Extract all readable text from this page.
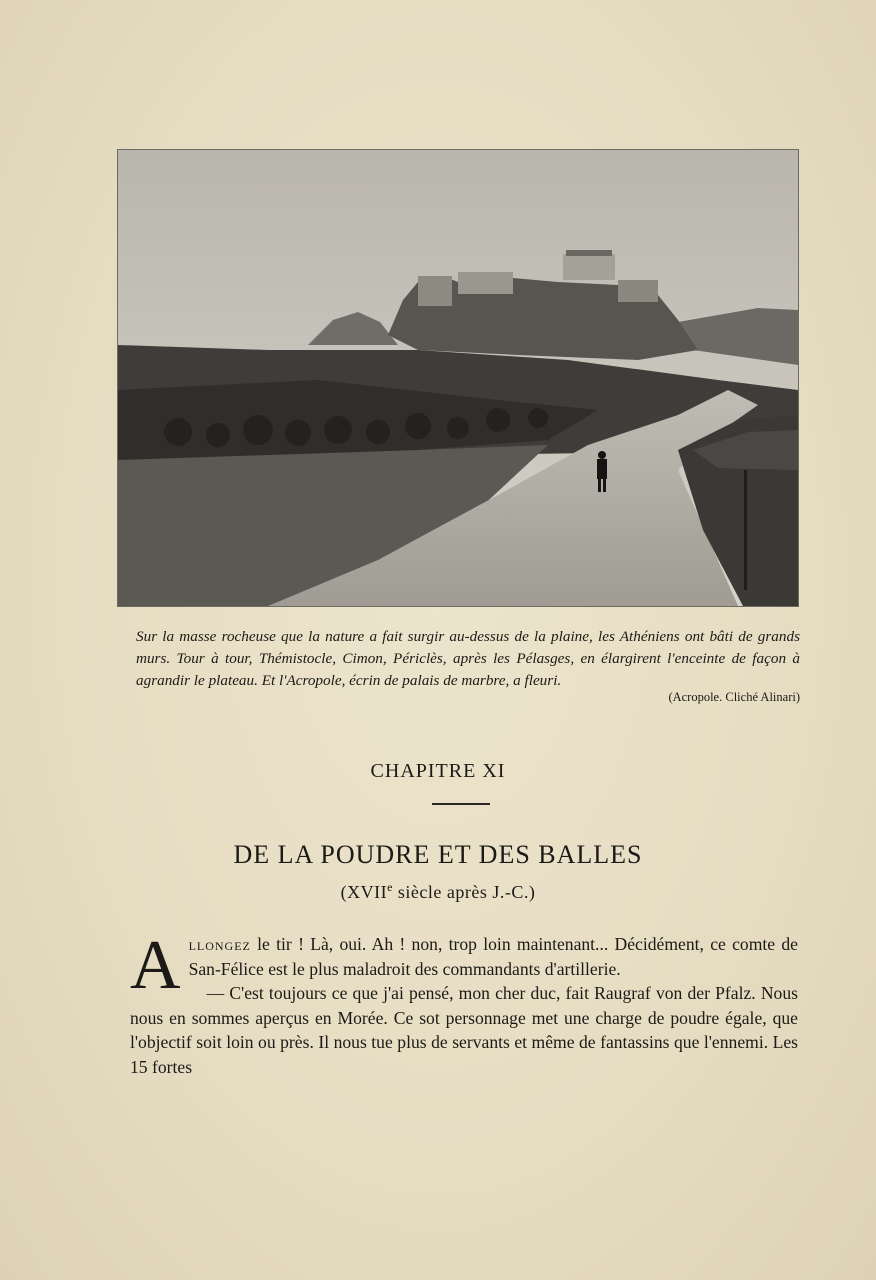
Sur la masse rocheuse que la nature a fait surgir au-dessus de la plaine, les Athéniens ont bâti de grands murs. Tour à tour, Thémistocle, Cimon, Périclès, après les Pélasges, en élargirent l'enceinte de façon à agrandir le plateau. Et l'Acropole, écrin de palais de marbre, a fleuri.
(Acropole. Cliché Alinari)
CHAPITRE XI
DE LA POUDRE ET DES BALLES
(XVIIe siècle après J.-C.)

Allongez le tir ! Là, oui. Ah ! non, trop loin maintenant... Décidément, ce comte de San-Félice est le plus maladroit des commandants d'artillerie.

— C'est toujours ce que j'ai pensé, mon cher duc, fait Raugraf von der Pfalz. Nous nous en sommes aperçus en Morée. Ce sot personnage met une charge de poudre égale, que l'objectif soit loin ou près. Il nous tue plus de servants et même de fantassins que l'ennemi. Les 15 fortes
